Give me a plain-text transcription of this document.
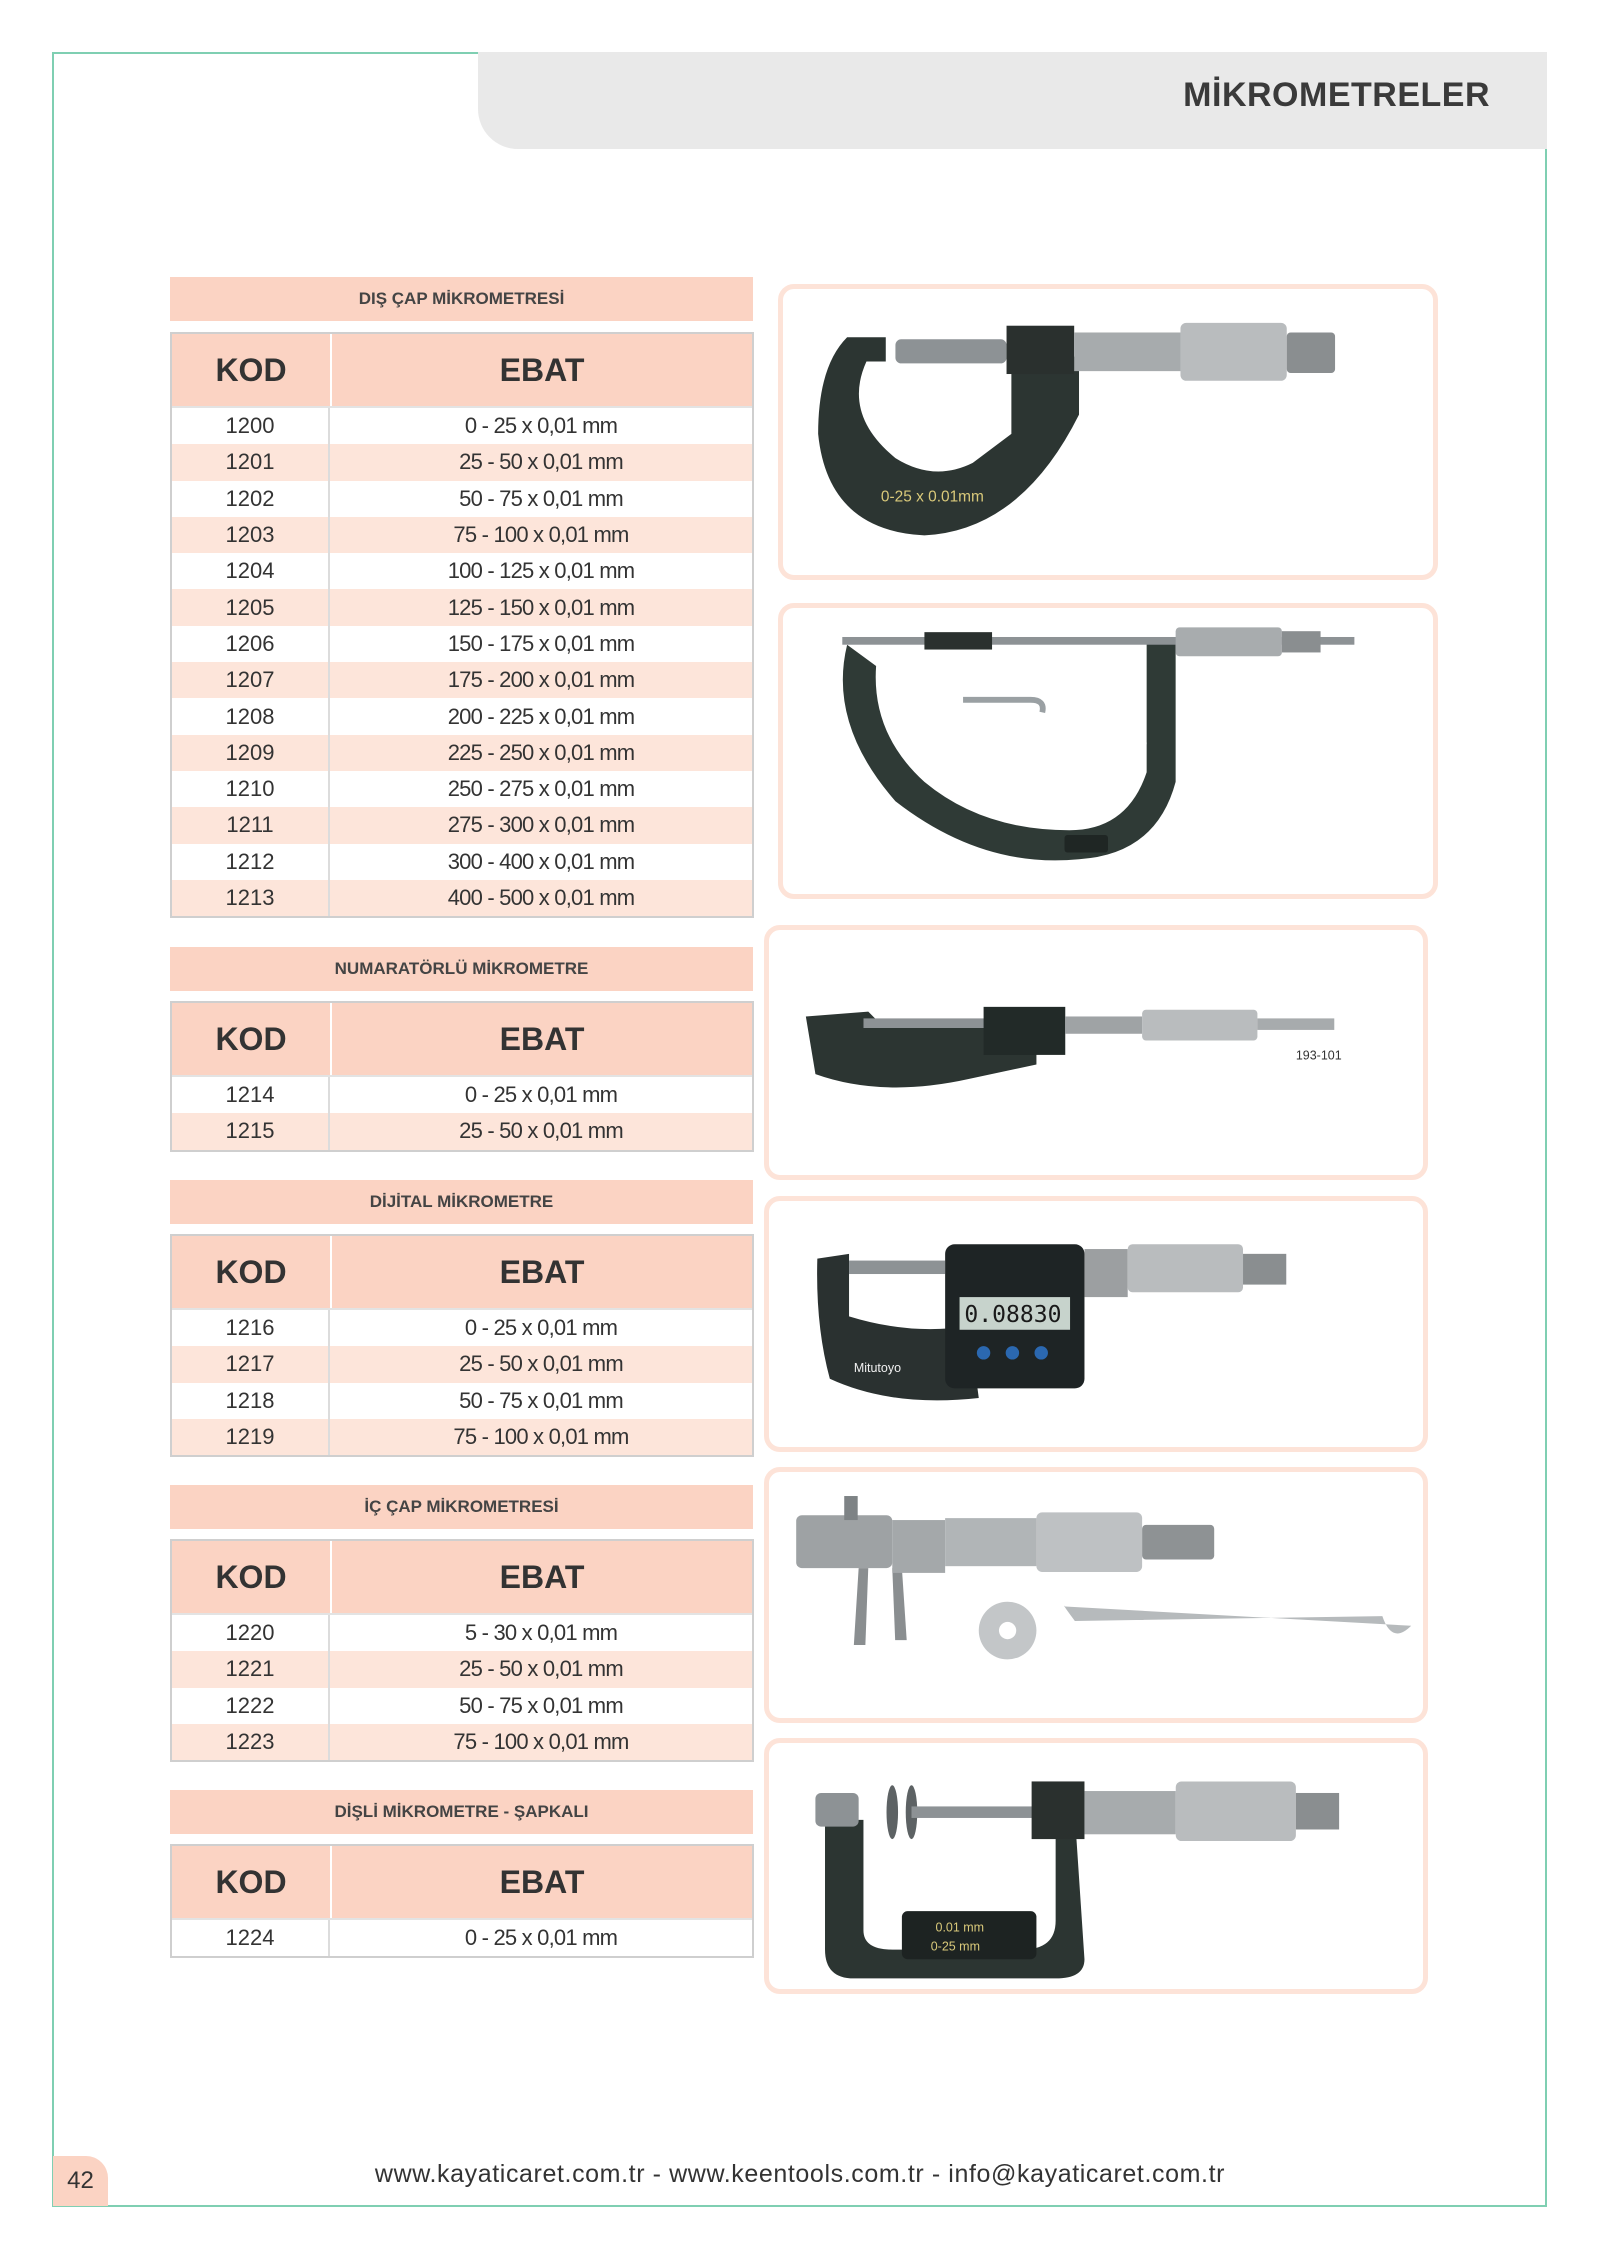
MİKROMETRELER
DIŞ ÇAP MİKROMETRESİ
KOD	EBAT
1200	0 - 25 x 0,01 mm
1201	25 - 50 x 0,01 mm
1202	50 - 75 x 0,01 mm
1203	75 - 100 x 0,01 mm
1204	100 - 125 x 0,01 mm
1205	125 - 150 x 0,01 mm
1206	150 - 175 x 0,01 mm
1207	175 - 200 x 0,01 mm
1208	200 - 225 x 0,01 mm
1209	225 - 250 x 0,01 mm
1210	250 - 275 x 0,01 mm
1211	275 - 300 x 0,01 mm
1212	300 - 400 x 0,01 mm
1213	400 - 500 x 0,01 mm
NUMARATÖRLÜ MİKROMETRE
KOD	EBAT
1214	0 - 25 x 0,01 mm
1215	25 - 50 x 0,01 mm
DİJİTAL MİKROMETRE
KOD	EBAT
1216	0 - 25 x 0,01 mm
1217	25 - 50 x 0,01 mm
1218	50 - 75 x 0,01 mm
1219	75 - 100 x 0,01 mm
İÇ ÇAP MİKROMETRESİ
KOD	EBAT
1220	5 - 30 x 0,01 mm
1221	25 - 50 x 0,01 mm
1222	50 - 75 x 0,01 mm
1223	75 - 100 x 0,01 mm
DİŞLİ MİKROMETRE - ŞAPKALI
KOD	EBAT
1224	0 - 25 x 0,01 mm
0-25 x 0.01mm
193-101
0.08830
Mitutoyo
0.01 mm
0-25 mm
42	www.kayaticaret.com.tr - www.keentools.com.tr - info@kayaticaret.com.tr
